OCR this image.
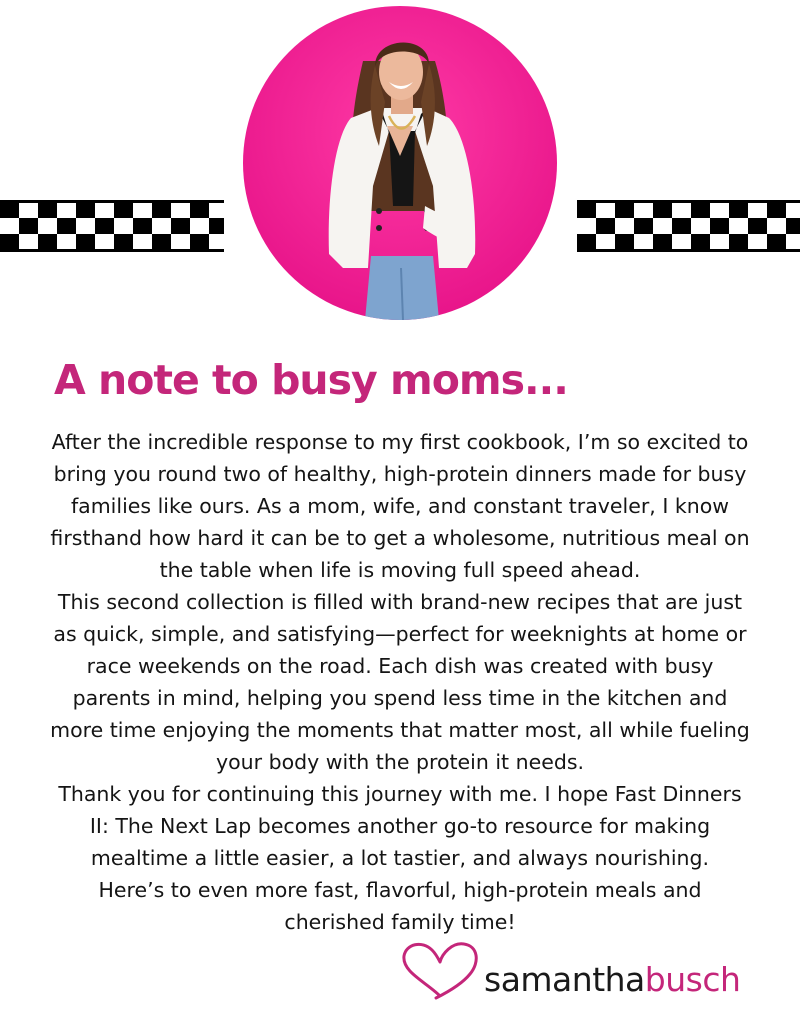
A note to busy moms...

After the incredible response to my first cookbook, I’m so excited to bring you round two of healthy, high-protein dinners made for busy families like ours. As a mom, wife, and constant traveler, I know firsthand how hard it can be to get a wholesome, nutritious meal on the table when life is moving full speed ahead.

This second collection is filled with brand-new recipes that are just as quick, simple, and satisfying—perfect for weeknights at home or race weekends on the road. Each dish was created with busy parents in mind, helping you spend less time in the kitchen and more time enjoying the moments that matter most, all while fueling your body with the protein it needs.

Thank you for continuing this journey with me. I hope Fast Dinners II: The Next Lap becomes another go-to resource for making mealtime a little easier, a lot tastier, and always nourishing.

Here’s to even more fast, flavorful, high-protein meals and cherished family time!

samanthabusch
